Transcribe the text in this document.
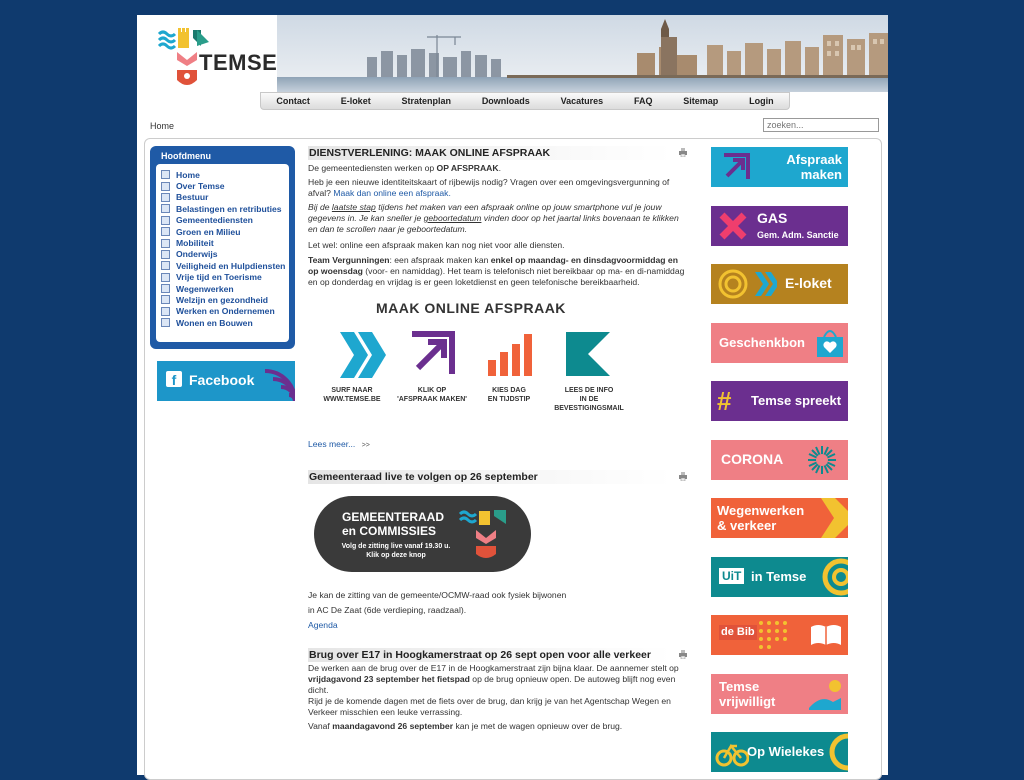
TEMSE
Contact	E-loket	Stratenplan	Downloads	Vacatures	FAQ	Sitemap	Login
Home
zoeken...
Hoofdmenu
Home
Over Temse
Bestuur
Belastingen en retributies
Gemeentediensten
Groen en Milieu
Mobiliteit
Onderwijs
Veiligheid en Hulpdiensten
Vrije tijd en Toerisme
Wegenwerken
Welzijn en gezondheid
Werken en Ondernemen
Wonen en Bouwen
f Facebook
DIENSTVERLENING: MAAK ONLINE AFSPRAAK

De gemeentediensten werken op OP AFSPRAAK.

Heb je een nieuwe identiteitskaart of rijbewijs nodig? Vragen over een omgevingsvergunning of afval? Maak dan online een afspraak.

Bij de laatste stap tijdens het maken van een afspraak online op jouw smartphone vul je jouw gegevens in. Je kan sneller je geboortedatum vinden door op het jaartal links bovenaan te klikken en dan te scrollen naar je geboortedatum.

Let wel: online een afspraak maken kan nog niet voor alle diensten.

Team Vergunningen: een afspraak maken kan enkel op maandag- en dinsdagvoormiddag en op woensdag (voor- en namiddag). Het team is telefonisch niet bereikbaar op ma- en di-namiddag en op donderdag en vrijdag is er geen loketdienst en geen telefonische bereikbaarheid.

MAAK ONLINE AFSPRAAK
SURF NAAR
WWW.TEMSE.BE
KLIK OP
'AFSPRAAK MAKEN'
KIES DAG
EN TIJDSTIP
LEES DE INFO
IN DE
BEVESTIGINGSMAIL

Lees meer... >>

Gemeenteraad live te volgen op 26 september
GEMEENTERAAD
en COMMISSIES
Volg de zitting live vanaf 19.30 u.
Klik op deze knop

Je kan de zitting van de gemeente/OCMW-raad ook fysiek bijwonen

in AC De Zaat (6de verdieping, raadzaal).

Agenda

Brug over E17 in Hoogkamerstraat op 26 sept open voor alle verkeer

De werken aan de brug over de E17 in de Hoogkamerstraat zijn bijna klaar. De aannemer stelt op vrijdagavond 23 september het fietspad op de brug opnieuw open. De autoweg blijft nog even dicht.

Rijd je de komende dagen met de fiets over de brug, dan krijg je van het Agentschap Wegen en Verkeer misschien een leuke verrassing.

Vanaf maandagavond 26 september kan je met de wagen opnieuw over de brug.

Afspraak
maken
GAS
Gem. Adm. Sanctie
E-loket
Geschenkbon
# Temse spreekt
CORONA
Wegenwerken
& verkeer
UiT in Temse
de Bib
Temse
vrijwilligt
Op Wielekes
